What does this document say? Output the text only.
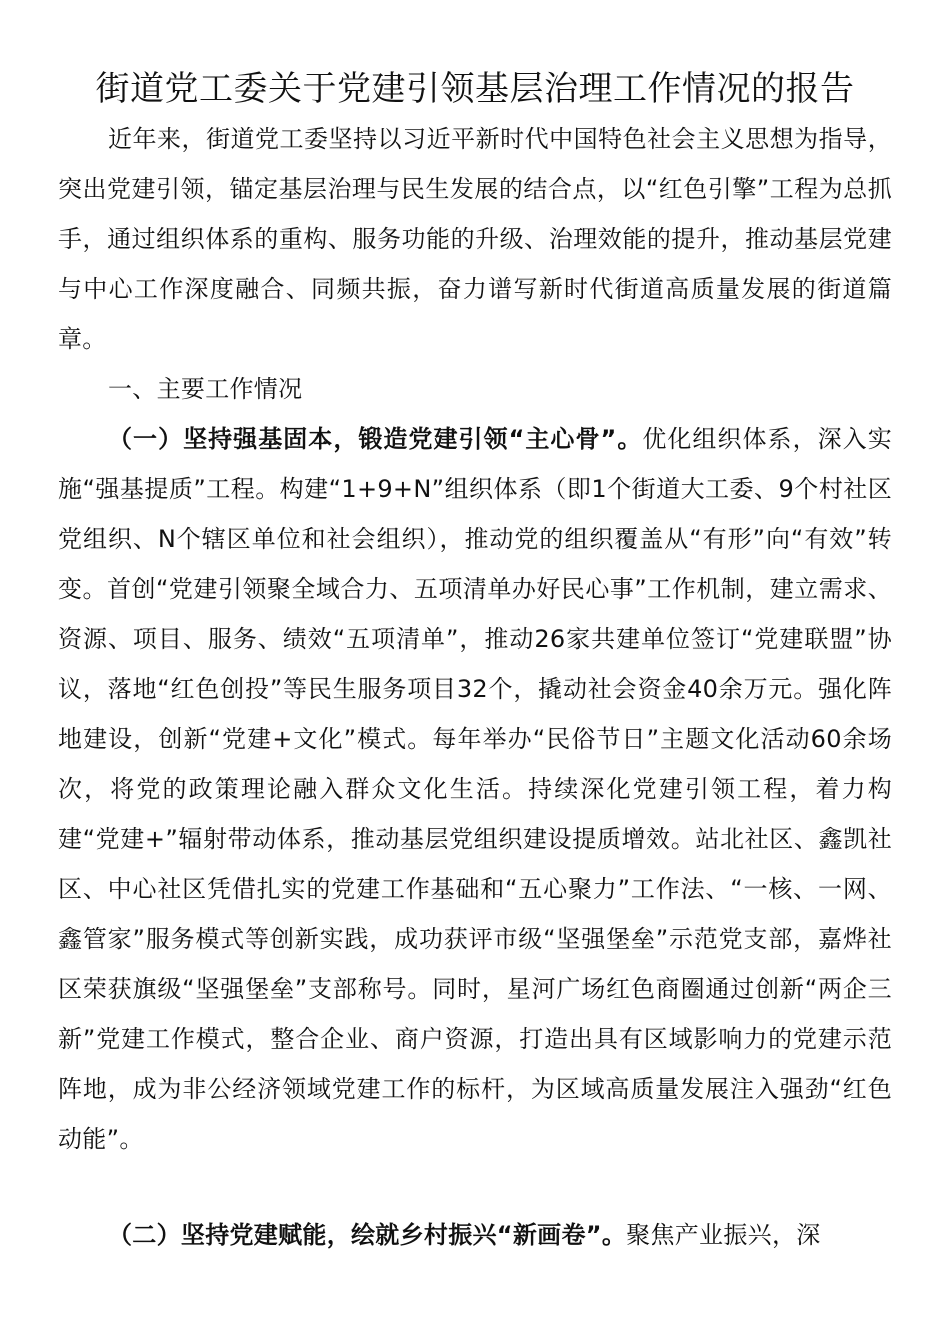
街道党工委关于党建引领基层治理工作情况的报告

近年来，街道党工委坚持以习近平新时代中国特色社会主义思想为指导，突出党建引领，锚定基层治理与民生发展的结合点，以“红色引擎”工程为总抓手，通过组织体系的重构、服务功能的升级、治理效能的提升，推动基层党建与中心工作深度融合、同频共振，奋力谱写新时代街道高质量发展的街道篇章。

一、主要工作情况

（一）坚持强基固本，锻造党建引领“主心骨”。优化组织体系，深入实施“强基提质”工程。构建“1+9+N”组织体系（即1个街道大工委、9个村社区党组织、N个辖区单位和社会组织），推动党的组织覆盖从“有形”向“有效”转变。首创“党建引领聚全域合力、五项清单办好民心事”工作机制，建立需求、资源、项目、服务、绩效“五项清单”，推动26家共建单位签订“党建联盟”协议，落地“红色创投”等民生服务项目32个，撬动社会资金40余万元。强化阵地建设，创新“党建+文化”模式。每年举办“民俗节日”主题文化活动60余场次，将党的政策理论融入群众文化生活。持续深化党建引领工程，着力构建“党建+”辐射带动体系，推动基层党组织建设提质增效。站北社区、鑫凯社区、中心社区凭借扎实的党建工作基础和“五心聚力”工作法、“一核、一网、鑫管家”服务模式等创新实践，成功获评市级“坚强堡垒”示范党支部，嘉烨社区荣获旗级“坚强堡垒”支部称号。同时，星河广场红色商圈通过创新“两企三新”党建工作模式，整合企业、商户资源，打造出具有区域影响力的党建示范阵地，成为非公经济领域党建工作的标杆，为区域高质量发展注入强劲“红色动能”。

（二）坚持党建赋能，绘就乡村振兴“新画卷”。聚焦产业振兴，深
